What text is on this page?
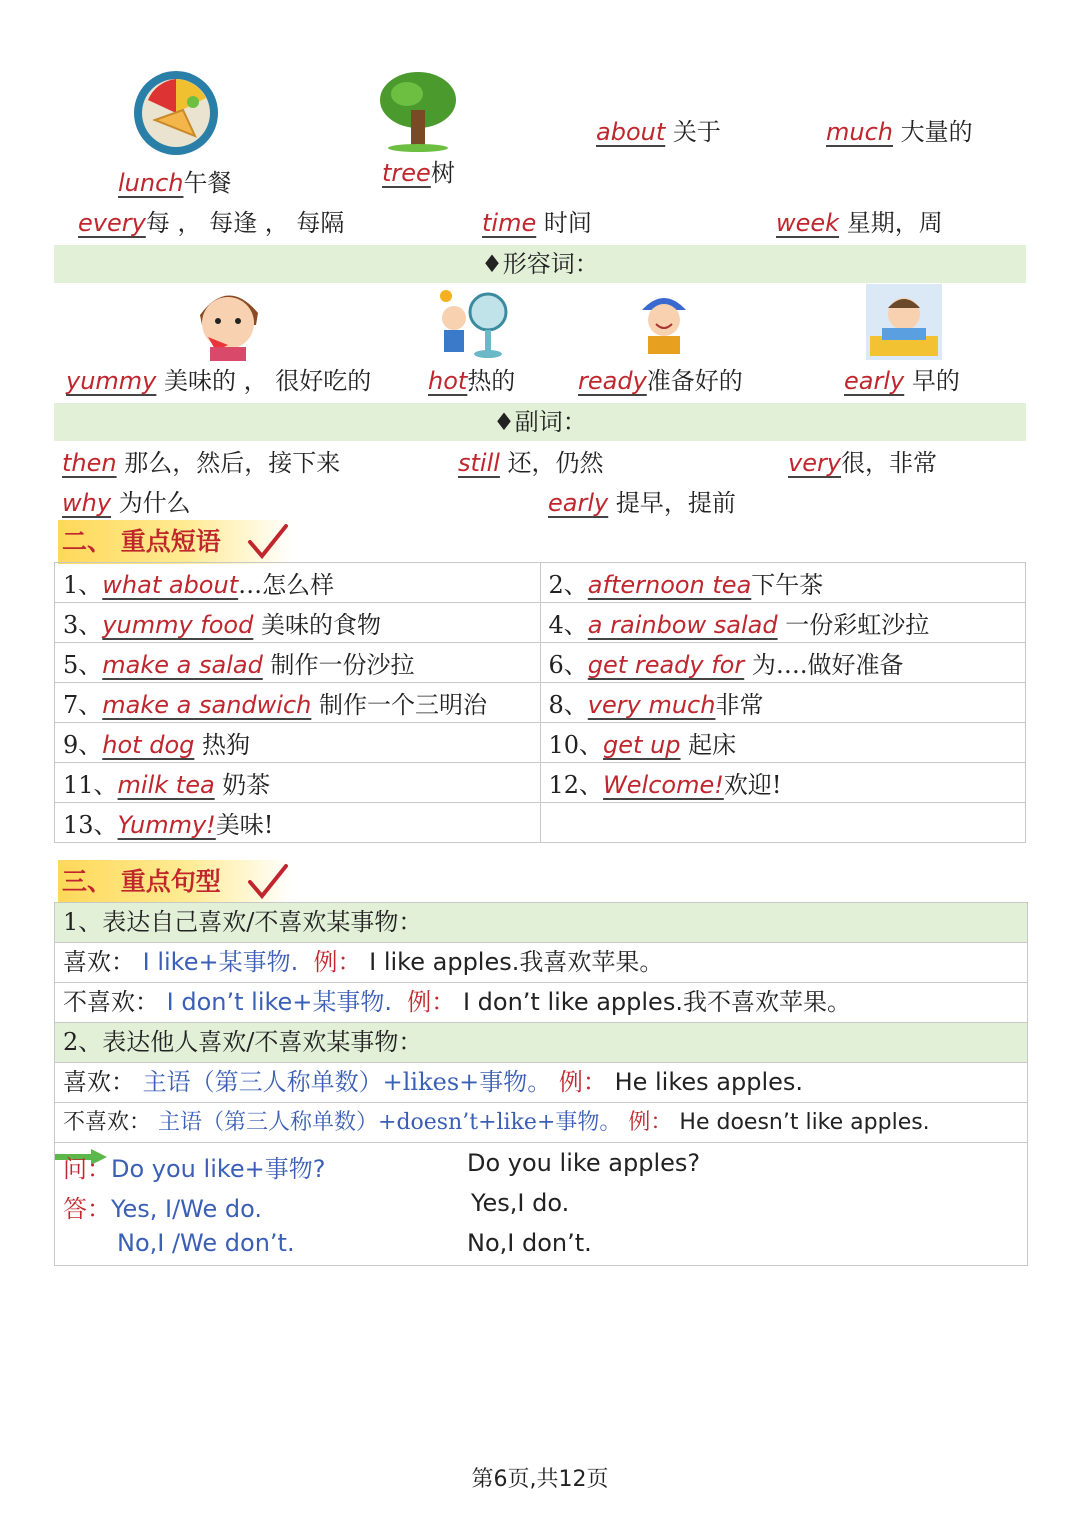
lunch午餐	tree树
about 关于	much 大量的
every每 ， 每逢 ， 每隔	time 时间	week 星期，周
♦形容词：
yummy 美味的 ， 很好吃的 hot热的	ready准备好的	early 早的
♦副词：
then 那么，然后，接下来	still 还，仍然	very很，非常
why 为什么	early 提早，提前
二、 重点短语
1、what about…怎么样	2、afternoon tea下午茶
3、yummy food 美味的食物	4、a rainbow salad 一份彩虹沙拉
5、make a salad 制作一份沙拉	6、get ready for 为….做好准备
7、make a sandwich 制作一个三明治	8、very much非常
9、hot dog 热狗	10、get up 起床
11、milk tea 奶茶	12、Welcome!欢迎!
13、Yummy!美味!	
三、 重点句型
1、表达自己喜欢/不喜欢某事物：
喜欢： I like+某事物. 例： I like apples.我喜欢苹果。
不喜欢： I don’t like+某事物. 例： I don’t like apples.我不喜欢苹果。
2、表达他人喜欢/不喜欢某事物：
喜欢： 主语（第三人称单数）+likes+事物。 例： He likes apples.
不喜欢： 主语（第三人称单数）+doesn’t+like+事物。 例： He doesn’t like apples.
问：Do you like+事物?	Do you like apples?
答：Yes, I/We do.	Yes,I do.
No,I /We don’t.	No,I don’t.
第6页,共12页
